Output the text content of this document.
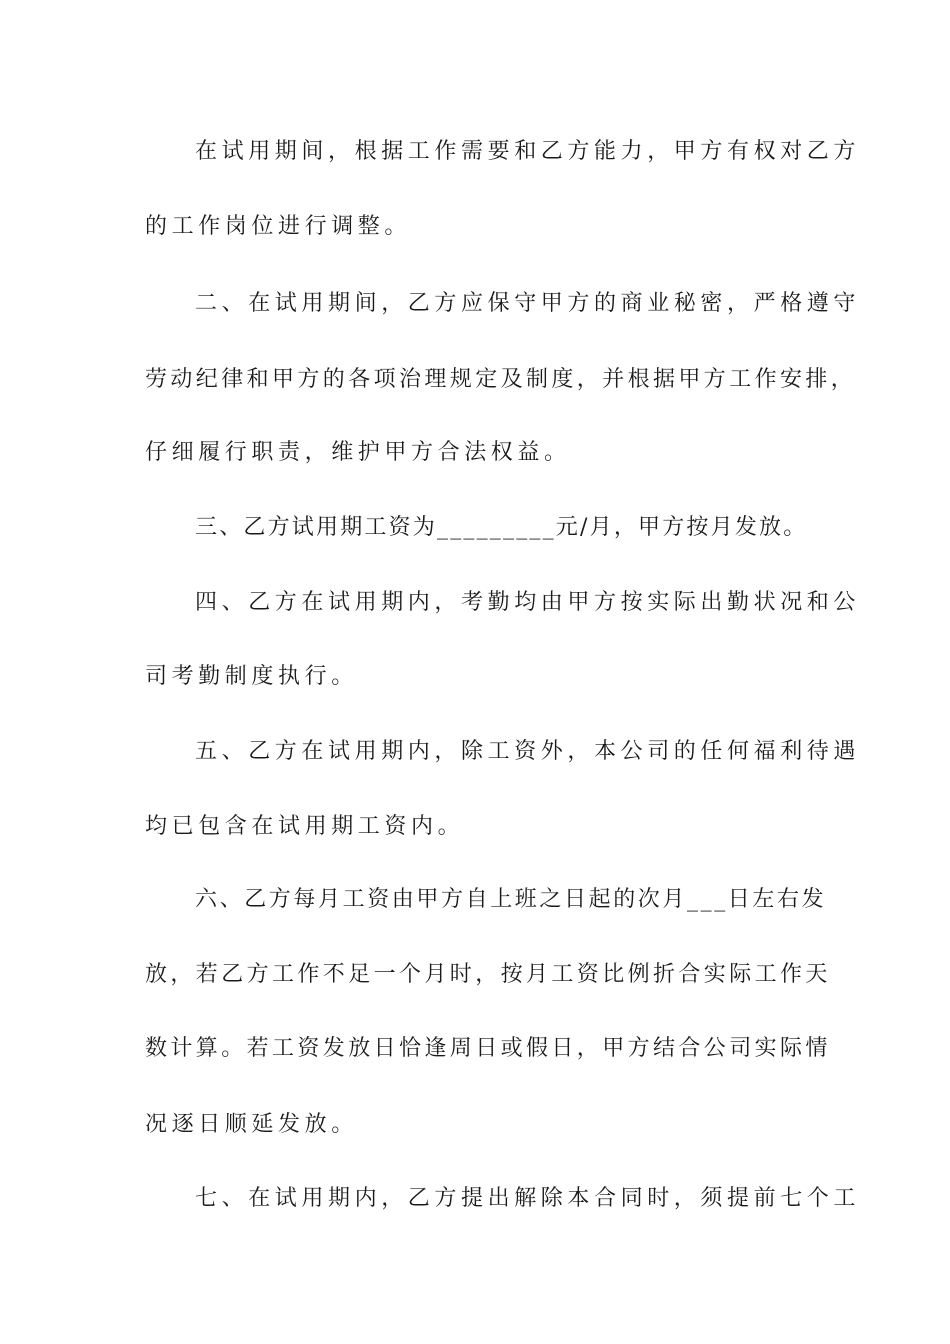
在试用期间，根据工作需要和乙方能力，甲方有权对乙方
的工作岗位进行调整。
二、在试用期间，乙方应保守甲方的商业秘密，严格遵守
劳动纪律和甲方的各项治理规定及制度，并根据甲方工作安排，
仔细履行职责，维护甲方合法权益。
三、乙方试用期工资为_________元/月，甲方按月发放。
四、乙方在试用期内，考勤均由甲方按实际出勤状况和公
司考勤制度执行。
五、乙方在试用期内，除工资外，本公司的任何福利待遇
均已包含在试用期工资内。
六、乙方每月工资由甲方自上班之日起的次月___日左右发
放，若乙方工作不足一个月时，按月工资比例折合实际工作天
数计算。若工资发放日恰逢周日或假日，甲方结合公司实际情
况逐日顺延发放。
七、在试用期内，乙方提出解除本合同时，须提前七个工
